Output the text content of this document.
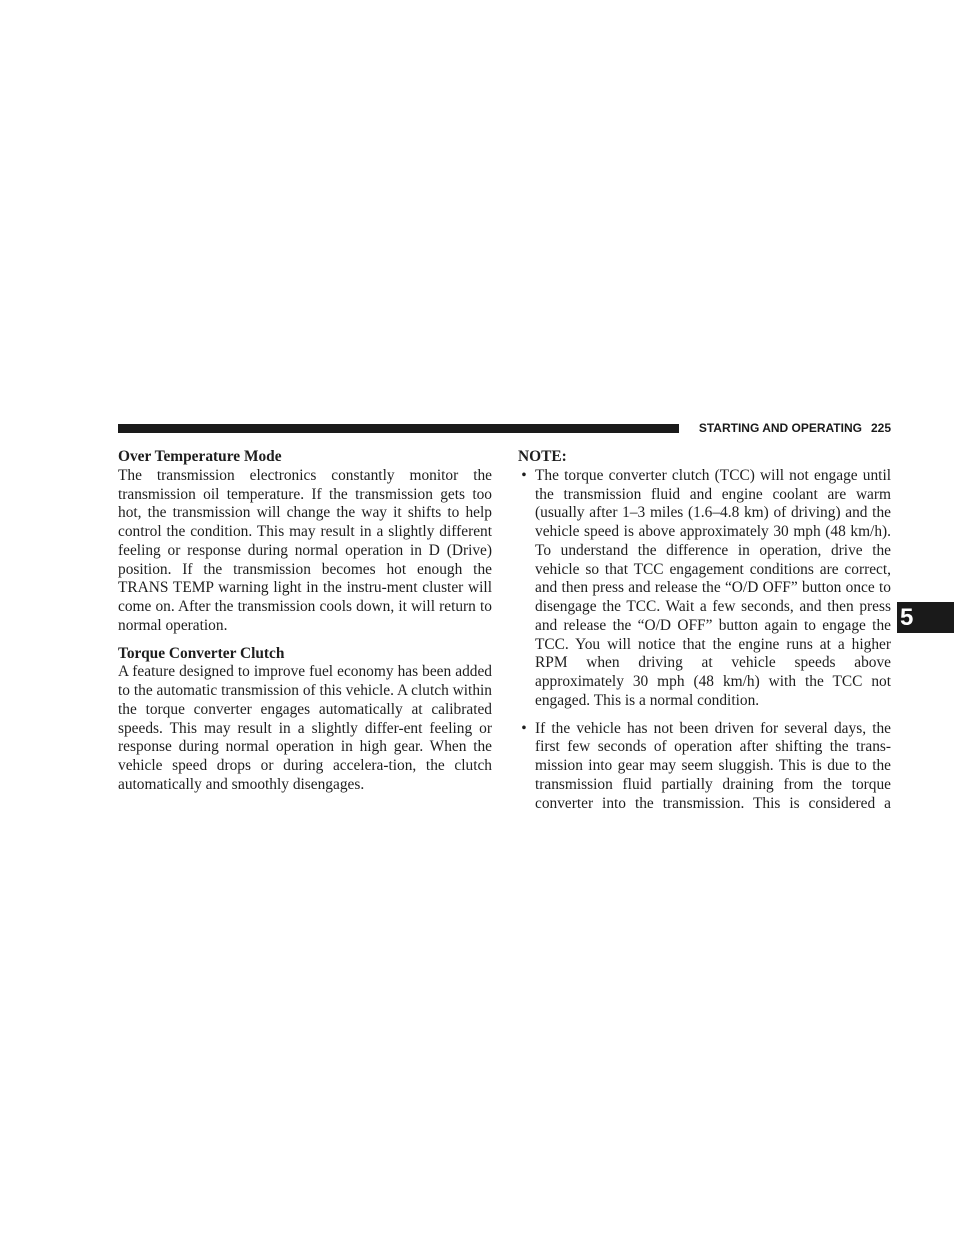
STARTING AND OPERATING 225
Over Temperature Mode

The transmission electronics constantly monitor the transmission oil temperature. If the transmission gets too hot, the transmission will change the way it shifts to help control the condition. This may result in a slightly different feeling or response during normal operation in D (Drive) position. If the transmission becomes hot enough the TRANS TEMP warning light in the instru-ment cluster will come on. After the transmission cools down, it will return to normal operation.

Torque Converter Clutch

A feature designed to improve fuel economy has been added to the automatic transmission of this vehicle. A clutch within the torque converter engages automatically at calibrated speeds. This may result in a slightly differ-ent feeling or response during normal operation in high gear. When the vehicle speed drops or during accelera-tion, the clutch automatically and smoothly disengages.

NOTE:
• The torque converter clutch (TCC) will not engage until the transmission fluid and engine coolant are warm (usually after 1–3 miles (1.6–4.8 km) of driving) and the vehicle speed is above approximately 30 mph (48 km/h). To understand the difference in operation, drive the vehicle so that TCC engagement conditions are correct, and then press and release the “O/D OFF” button once to disengage the TCC. Wait a few seconds, and then press and release the “O/D OFF” button again to engage the TCC. You will notice that the engine runs at a higher RPM when driving at vehicle speeds above approximately 30 mph (48 km/h) with the TCC not engaged. This is a normal condition.

• If the vehicle has not been driven for several days, the first few seconds of operation after shifting the trans-mission into gear may seem sluggish. This is due to the transmission fluid partially draining from the torque converter into the transmission. This is considered a

5
